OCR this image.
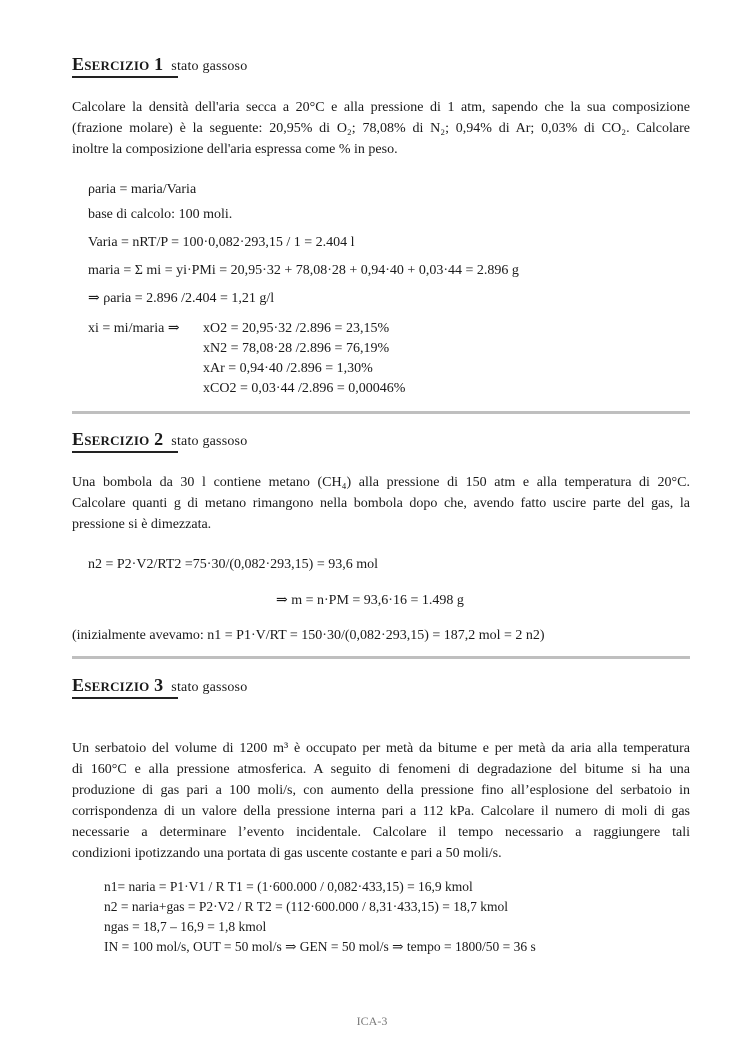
Esercizio 1 stato gassoso
Calcolare la densità dell'aria secca a 20°C e alla pressione di 1 atm, sapendo che la sua composizione
(frazione molare) è la seguente: 20,95% di O₂; 78,08% di N₂; 0,94% di Ar; 0,03% di CO₂. Calcolare
inoltre la composizione dell'aria espressa come % in peso.
ρaria = maria/Varia
base di calcolo: 100 moli.
Varia = nRT/P = 100·0,082·293,15 / 1 = 2.404 l
maria = Σ mi = yi·PMi = 20,95·32 + 78,08·28 + 0,94·40 + 0,03·44 = 2.896 g
⇒ ρaria = 2.896 /2.404 = 1,21 g/l
xi = mi/maria ⇒ xO2 = 20,95·32 /2.896 = 23,15%
xN2 = 78,08·28 /2.896 = 76,19%
xAr = 0,94·40 /2.896 = 1,30%
xCO2 = 0,03·44 /2.896 = 0,00046%
Esercizio 2 stato gassoso
Una bombola da 30 l contiene metano (CH₄) alla pressione di 150 atm e alla temperatura di 20°C.
Calcolare quanti g di metano rimangono nella bombola dopo che, avendo fatto uscire parte del gas, la
pressione si è dimezzata.
n2 = P2·V2/RT2 =75·30/(0,082·293,15) = 93,6 mol
⇒ m = n·PM = 93,6·16 = 1.498 g
(inizialmente avevamo: n1 = P1·V/RT = 150·30/(0,082·293,15) = 187,2 mol = 2 n2)
Esercizio 3 stato gassoso
Un serbatoio del volume di 1200 m³ è occupato per metà da bitume e per metà da aria alla temperatura
di 160°C e alla pressione atmosferica. A seguito di fenomeni di degradazione del bitume si ha una
produzione di gas pari a 100 moli/s, con aumento della pressione fino all’esplosione del serbatoio in
corrispondenza di un valore della pressione interna pari a 112 kPa. Calcolare il numero di moli di gas
necessarie a determinare l’evento incidentale. Calcolare il tempo necessario a raggiungere tali
condizioni ipotizzando una portata di gas uscente costante e pari a 50 moli/s.
n1= naria = P1·V1 / R T1 = (1·600.000 / 0,082·433,15) = 16,9 kmol
n2 = naria+gas = P2·V2 / R T2 = (112·600.000 / 8,31·433,15) = 18,7 kmol
ngas = 18,7 – 16,9 = 1,8 kmol
IN = 100 mol/s, OUT = 50 mol/s ⇒ GEN = 50 mol/s ⇒ tempo = 1800/50 = 36 s
ICA-3
